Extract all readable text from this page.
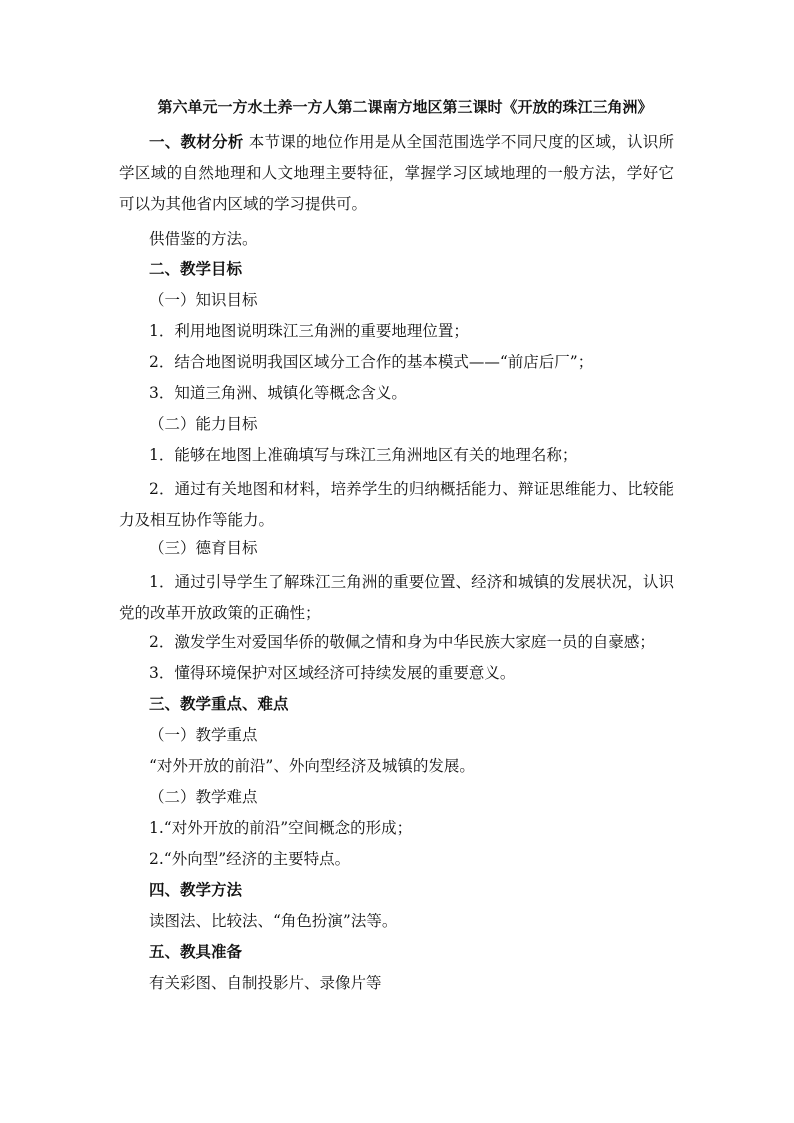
第六单元一方水土养一方人第二课南方地区第三课时《开放的珠江三角洲》

一、教材分析 本节课的地位作用是从全国范围选学不同尺度的区域，认识所学区域的自然地理和人文地理主要特征，掌握学习区域地理的一般方法，学好它可以为其他省内区域的学习提供可。

供借鉴的方法。
二、教学目标
（一）知识目标
1．利用地图说明珠江三角洲的重要地理位置；
2．结合地图说明我国区域分工合作的基本模式——“前店后厂”；
3．知道三角洲、城镇化等概念含义。
（二）能力目标
1．能够在地图上准确填写与珠江三角洲地区有关的地理名称；

2．通过有关地图和材料，培养学生的归纳概括能力、辩证思维能力、比较能力及相互协作等能力。

（三）德育目标

1．通过引导学生了解珠江三角洲的重要位置、经济和城镇的发展状况，认识党的改革开放政策的正确性；

2．激发学生对爱国华侨的敬佩之情和身为中华民族大家庭一员的自豪感；
3．懂得环境保护对区域经济可持续发展的重要意义。
三、教学重点、难点
（一）教学重点
“对外开放的前沿”、外向型经济及城镇的发展。
（二）教学难点
1.“对外开放的前沿”空间概念的形成；
2.“外向型”经济的主要特点。
四、教学方法
读图法、比较法、“角色扮演”法等。
五、教具准备
有关彩图、自制投影片、录像片等
